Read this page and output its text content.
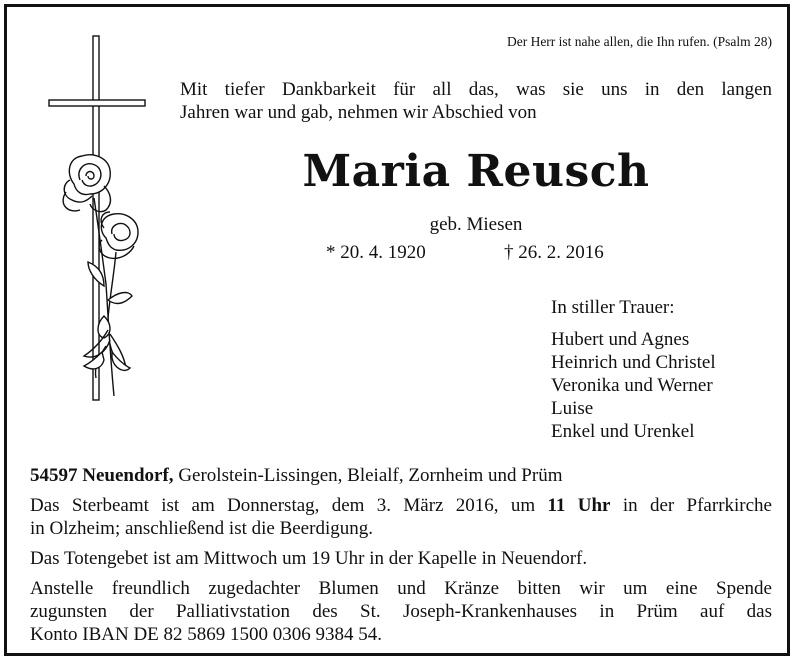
Der Herr ist nahe allen, die Ihn rufen. (Psalm 28)
Mit tiefer Dankbarkeit für all das, was sie uns in den langen
Jahren war und gab, nehmen wir Abschied von
Maria Reusch
geb. Miesen
* 20. 4. 1920	† 26. 2. 2016
In stiller Trauer:
Hubert und Agnes
Heinrich und Christel
Veronika und Werner
Luise
Enkel und Urenkel

54597 Neuendorf, Gerolstein-Lissingen, Bleialf, Zornheim und Prüm

Das Sterbeamt ist am Donnerstag, dem 3. März 2016, um 11 Uhr in der Pfarrkirche
in Olzheim; anschließend ist die Beerdigung.

Das Totengebet ist am Mittwoch um 19 Uhr in der Kapelle in Neuendorf.

Anstelle freundlich zugedachter Blumen und Kränze bitten wir um eine Spende
zugunsten der Palliativstation des St. Joseph-Krankenhauses in Prüm auf das
Konto IBAN DE 82 5869 1500 0306 9384 54.
